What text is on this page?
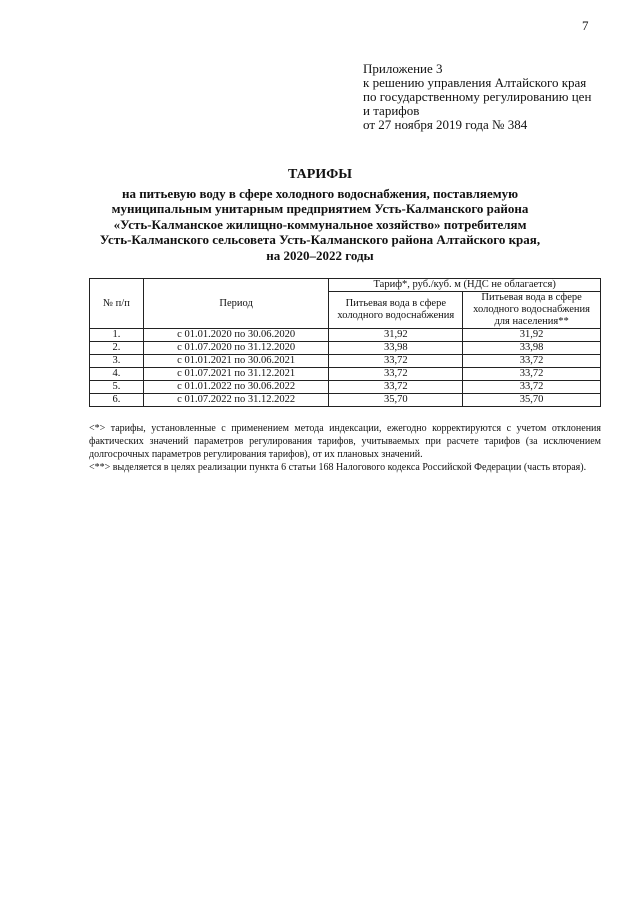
7
Приложение 3
к решению управления Алтайского края
по государственному регулированию цен
и тарифов
от 27 ноября 2019 года № 384
ТАРИФЫ
на питьевую воду в сфере холодного водоснабжения, поставляемую
муниципальным унитарным предприятием Усть-Калманского района
«Усть-Калманское жилищно-коммунальное хозяйство» потребителям
Усть-Калманского сельсовета Усть-Калманского района Алтайского края,
на 2020–2022 годы
№ п/п	Период	Тариф*, руб./куб. м (НДС не облагается)	
		Питьевая вода в сфере холодного водоснабжения	Питьевая вода в сфере холодного водоснабжения для населения**
1.	с 01.01.2020 по 30.06.2020	31,92	31,92
2.	с 01.07.2020 по 31.12.2020	33,98	33,98
3.	с 01.01.2021 по 30.06.2021	33,72	33,72
4.	с 01.07.2021 по 31.12.2021	33,72	33,72
5.	с 01.01.2022 по 30.06.2022	33,72	33,72
6.	с 01.07.2022 по 31.12.2022	35,70	35,70

<*> тарифы, установленные с применением метода индексации, ежегодно корректируются с учетом отклонения фактических значений параметров регулирования тарифов, учитываемых при расчете тарифов (за исключением долгосрочных параметров регулирования тарифов), от их плановых значений.

<**> выделяется в целях реализации пункта 6 статьи 168 Налогового кодекса Российской Федерации (часть вторая).
